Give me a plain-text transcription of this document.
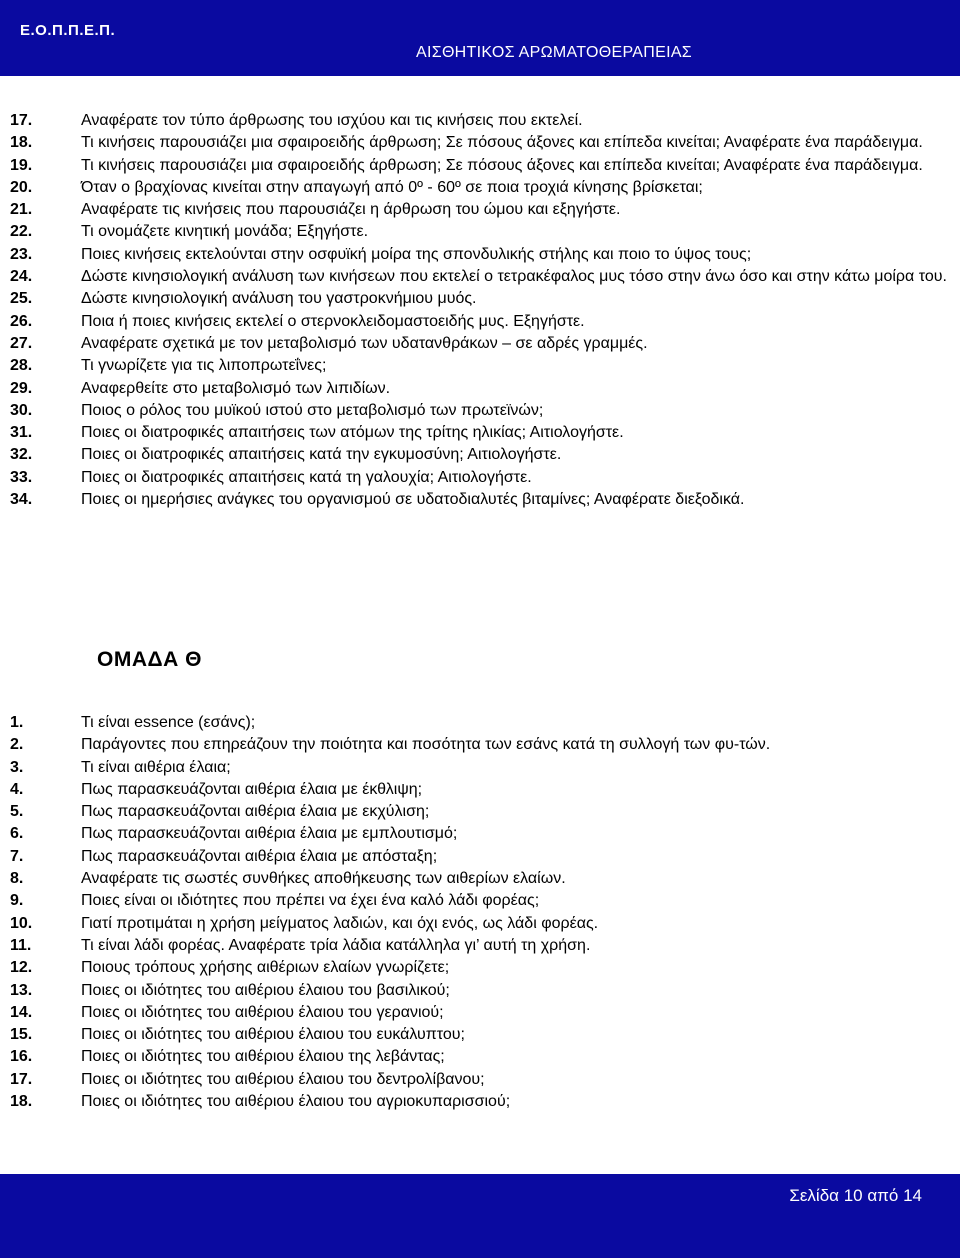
Ε.Ο.Π.Π.Ε.Π.
ΑΙΣΘΗΤΙΚΟΣ ΑΡΩΜΑΤΟΘΕΡΑΠΕΙΑΣ
17.	Αναφέρατε τον τύπο άρθρωσης του ισχύου και τις κινήσεις που εκτελεί.
18.	Τι κινήσεις παρουσιάζει μια σφαιροειδής άρθρωση; Σε πόσους άξονες και επίπεδα κινείται; Αναφέρατε ένα παράδειγμα.
19.	Τι κινήσεις παρουσιάζει μια σφαιροειδής άρθρωση; Σε πόσους άξονες και επίπεδα κινείται; Αναφέρατε ένα παράδειγμα.
20.	Όταν ο βραχίονας κινείται στην απαγωγή από 0º - 60º σε ποια τροχιά κίνησης βρίσκεται;
21.	Αναφέρατε τις κινήσεις που παρουσιάζει η άρθρωση του ώμου και εξηγήστε.
22.	Τι ονομάζετε κινητική μονάδα; Εξηγήστε.
23.	Ποιες κινήσεις εκτελούνται στην οσφυϊκή μοίρα της σπονδυλικής στήλης και ποιο το ύψος τους;
24.	Δώστε κινησιολογική ανάλυση των κινήσεων που εκτελεί ο τετρακέφαλος μυς τόσο στην άνω όσο και στην κάτω μοίρα του.
25.	Δώστε κινησιολογική ανάλυση του γαστροκνήμιου μυός.
26.	Ποια ή ποιες κινήσεις εκτελεί ο στερνοκλειδομαστοειδής μυς. Εξηγήστε.
27.	Αναφέρατε σχετικά με τον μεταβολισμό των υδατανθράκων – σε αδρές γραμμές.
28.	Τι γνωρίζετε για τις λιποπρωτεΐνες;
29.	Αναφερθείτε στο μεταβολισμό των λιπιδίων.
30.	Ποιος ο ρόλος του μυϊκού ιστού στο μεταβολισμό των πρωτεϊνών;
31.	Ποιες οι διατροφικές απαιτήσεις των ατόμων της τρίτης ηλικίας; Αιτιολογήστε.
32.	Ποιες οι διατροφικές απαιτήσεις κατά την εγκυμοσύνη; Αιτιολογήστε.
33.	Ποιες οι διατροφικές απαιτήσεις κατά τη γαλουχία; Αιτιολογήστε.
34.	Ποιες οι ημερήσιες ανάγκες του οργανισμού σε υδατοδιαλυτές βιταμίνες; Αναφέρατε διεξοδικά.
ΟΜΑΔΑ Θ
1.	Τι είναι essence (εσάνς);
2.	Παράγοντες που επηρεάζουν την ποιότητα και ποσότητα των εσάνς κατά τη συλλογή των φυ-τών.
3.	Τι είναι αιθέρια έλαια;
4.	Πως παρασκευάζονται αιθέρια έλαια με έκθλιψη;
5.	Πως παρασκευάζονται αιθέρια έλαια με εκχύλιση;
6.	Πως παρασκευάζονται αιθέρια έλαια με εμπλουτισμό;
7.	Πως παρασκευάζονται αιθέρια έλαια με απόσταξη;
8.	Αναφέρατε τις σωστές συνθήκες αποθήκευσης των αιθερίων ελαίων.
9.	Ποιες είναι οι ιδιότητες που πρέπει να έχει ένα καλό λάδι φορέας;
10.	Γιατί προτιμάται η χρήση μείγματος λαδιών, και όχι ενός, ως λάδι φορέας.
11.	Τι είναι λάδι φορέας. Αναφέρατε τρία λάδια κατάλληλα γι’ αυτή τη χρήση.
12.	Ποιους τρόπους χρήσης αιθέριων ελαίων γνωρίζετε;
13.	Ποιες οι ιδιότητες του αιθέριου έλαιου του βασιλικού;
14.	Ποιες οι ιδιότητες του αιθέριου έλαιου του γερανιού;
15.	Ποιες οι ιδιότητες του αιθέριου έλαιου του ευκάλυπτου;
16.	Ποιες οι ιδιότητες του αιθέριου έλαιου της λεβάντας;
17.	Ποιες οι ιδιότητες του αιθέριου έλαιου του δεντρολίβανου;
18.	Ποιες οι ιδιότητες του αιθέριου έλαιου του αγριοκυπαρισσιού;
Σελίδα 10 από 14
